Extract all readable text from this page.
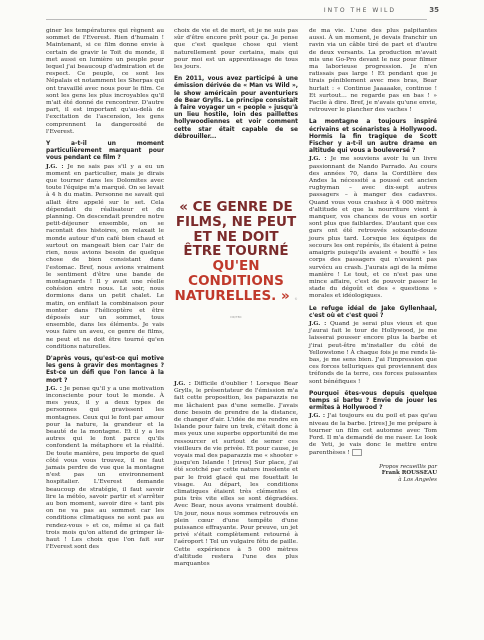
INTO THE WILD	35

giner les températures qui règnent au sommet de l'Everest. Rien d'humain ! Maintenant, si ce film donne envie à certain de gravir le Toit du monde, il met aussi en lumière un peuple pour lequel j'ai beaucoup d'admiration et de respect. Ce peuple, ce sont les Népalais et notamment les Sherpas qui ont travaillé avec nous pour le film. Ce sont les gens les plus incroyables qu'il m'ait été donné de rencontrer. D'autre part, il est important qu'au-delà de l'excitation de l'ascension, les gens comprennent la dangerosité de l'Everest.

Y a-t-il un moment particulièrement marquant pour vous pendant ce film ?

J.G. : Je ne sais pas s'il y a eu un moment en particulier, mais je dirais que tourner dans les Dolomites avec toute l'équipe m'a marqué. On se levait à 4 h du matin. Personne ne savait qui allait être appelé sur le set. Cela dépendait du réalisateur et du planning. On descendait prendre notre petit-déjeuner ensemble, on se racontait des histoires, on relaxait le monde autour d'un café bien chaud et surtout on mangeait bien car l'air de rien, nous avions besoin de quelque chose de bien consistant dans l'estomac. Bref, nous avions vraiment le sentiment d'être une bande de montagnards ! Il y avait une réelle cohésion entre nous. Le soir, nous dormions dans un petit chalet. Le matin, on enfilait la combinaison pour monter dans l'hélicoptère et être déposés sur un sommet, tous ensemble, dans les éléments. Je vais vous faire un aveu, ce genre de films, ne peut et ne doit être tourné qu'en conditions naturelles.

D'après vous, qu'est-ce qui motive les gens à gravir des montagnes ? Est-ce un défi que l'on lance à la mort ?

J.G. : Je pense qu'il y a une motivation inconsciente pour tout le monde. À mes yeux, il y a deux types de personnes qui gravissent les montagnes. Ceux qui le font par amour pour la nature, la grandeur et la beauté de la montagne. Et il y a les autres qui le font parce qu'ils confondent la métaphore et la réalité. De toute manière, peu importe de quel côté vous vous trouvez, il ne faut jamais perdre de vue que la montagne n'est pas un environnement hospitalier. L'Everest demande beaucoup de stratégie, il faut savoir lire la météo, savoir partir et s'arrêter au bon moment, savoir dire « tant pis on ne va pas au sommet car les conditions climatiques ne sont pas au rendez-vous » et ce, même si ça fait trois mois qu'on attend de grimper là-haut ! Les choix que l'on fait sur l'Everest sont des

choix de vie et de mort, et je ne suis pas sûr d'être encore prêt pour ça. Je pense que c'est quelque chose qui vient naturellement pour certains, mais qui pour moi est un apprentissage de tous les jours.

En 2011, vous avez participé à une émission dérivée de « Man vs Wild », le show américain pour aventuriers de Bear Grylls. Le principe consistait à faire voyager un « people » jusqu'à un lieu hostile, loin des paillettes hollywoodiennes et voir comment cette star était capable de se débrouiller...

« CE GENRE DE FILMS, NE PEUT ET NE DOIT ÊTRE TOURNÉ QU'EN CONDITIONS NATURELLES. » © DR/TBC

J.G. : Difficile d'oublier ! Lorsque Bear Grylls, le présentateur de l'émission m'a fait cette proposition, les paparazzis ne me lâchaient pas d'une semelle. J'avais donc besoin de prendre de la distance, de changer d'air. L'idée de me rendre en Islande pour faire un trek, c'était donc à mes yeux une superbe opportunité de me ressourcer et surtout de semer ces vieilleurs de vie privée. Et pour cause, je voyais mal des paparazzis me « shooter » jusqu'en Islande ! [rires] Sur place, j'ai été scotché par cette nature insolente et par le froid glacé qui me fouettait le visage. Au départ, les conditions climatiques étaient très clémentes et puis très vite elles se sont dégradées. Avec Bear, nous avons vraiment doublé. Un jour, nous nous sommes retrouvés en plein cœur d'une tempête d'une puissance effrayante. Pour preuve, un jet privé s'était complètement retourné à l'aéroport ! Tel un vulgaire fétu de paille. Cette expérience à 5 000 mètres d'altitude restera l'une des plus marquantes

de ma vie. L'une des plus palpitantes aussi. À un moment, je devais franchir un ravin via un câble tiré de part et d'autre de deux versants. La production m'avait mis une Go-Pro devant le nez pour filmer ma laborieuse progression. Je n'en ratissais pas large ! Et pendant que je tirais péniblement avec mes bras, Bear hurlait : « Continue Jaaaaake, continue ! Et surtout… ne regarde pas en bas ! » Facile à dire. Bref, je n'avais qu'une envie, retrouver le plancher des vaches !

La montagne a toujours inspiré écrivains et scénaristes à Hollywood. Hormis la fin tragique de Scott Fischer y a-t-il un autre drame en altitude qui vous a bouleversé ?

J.G. : Je me souviens avoir lu un livre passionnant de Nando Parrado. Au cours des années 70, dans la Cordillère des Andes la nécessité a poussé cet ancien rugbyman – avec dix-sept autres passagers – à manger des cadavres. Quand vous vous crashez à 4 000 mètres d'altitude et que la nourriture vient à manquer, vos chances de vous en sortir sont plus que faiblardes. D'autant que ces gars ont été retrouvés soixante-douze jours plus tard. Lorsque les équipes de secours les ont repérés, ils étaient à peine amaigris puisqu'ils avaient « bouffé » les corps des passagers qui n'avaient pas survécu au crash. J'aurais agi de la même manière ! Le tout, et ce n'est pas une mince affaire, c'est de pouvoir passer le stade du dégoût et des « questions » morales et idéologiques.

Le refuge idéal de Jake Gyllenhaal, c'est où et c'est quoi ?

J.G. : Quand je serai plus vieux et que j'aurai fait le tour de Hollywood, je me laisserai pousser encore plus la barbe et j'irai peut-être m'installer du côté de Yellowstone ! À chaque fois je me rends là-bas, je me sens bien. J'ai l'impression que ces forces telluriques qui proviennent des tréfonds de la terre, ces forces puissantes sont bénéfiques !

Pourquoi êtes-vous depuis quelque temps si barbu ? Envie de jouer les ermites à Hollywood ?

J.G. : J'ai toujours eu du poil et pas qu'au niveau de la barbe. [rires] Je me prépare à tourner un film cet automne avec Tom Ford. Il m'a demandé de me raser. Le look de Yeti, je vais donc le mettre entre parenthèses !

Propos recueillis par
Frank ROUSSEAU
à Los Angeles
